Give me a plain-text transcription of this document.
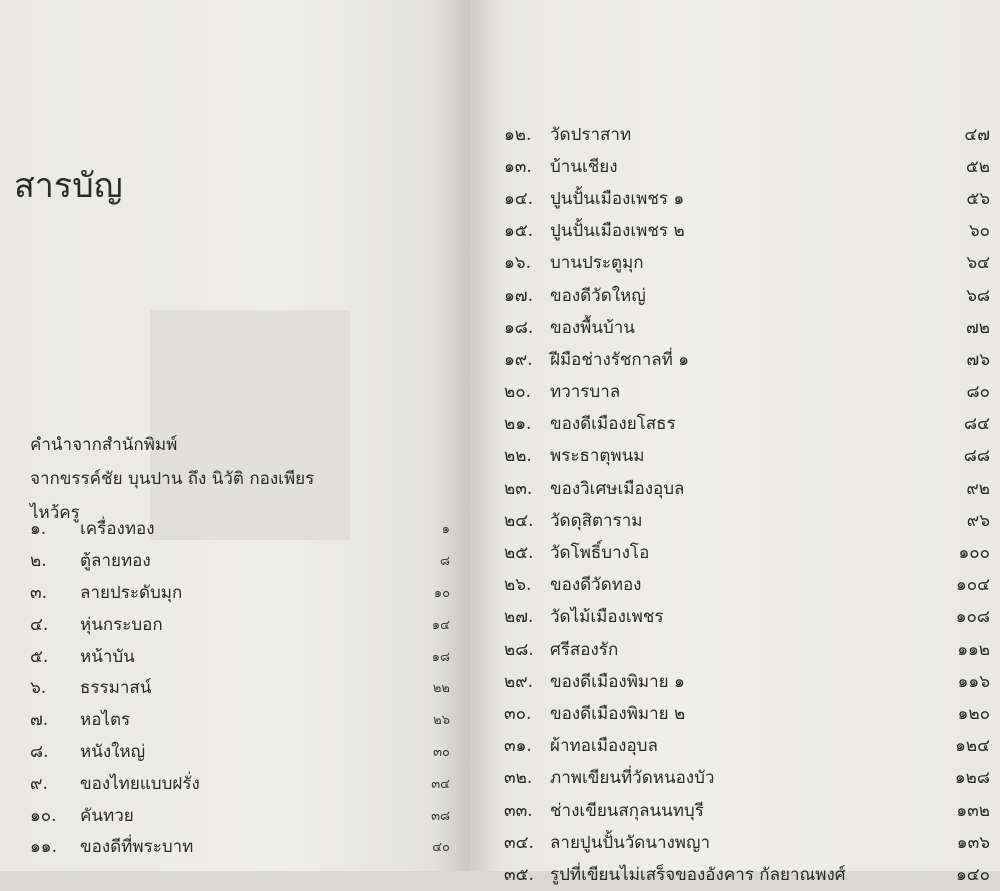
สารบัญ
คำนำจากสำนักพิมพ์
จากขรรค์ชัย บุนปาน ถึง นิวัติ กองเพียร
ไหว้ครู
๑.	เครื่องทอง	๑
๒.	ตู้ลายทอง	๘
๓.	ลายประดับมุก	๑๐
๔.	หุ่นกระบอก	๑๔
๕.	หน้าบัน	๑๘
๖.	ธรรมาสน์	๒๒
๗.	หอไตร	๒๖
๘.	หนังใหญ่	๓๐
๙.	ของไทยแบบฝรั่ง	๓๔
๑๐.	คันทวย	๓๘
๑๑.	ของดีที่พระบาท	๔๐
๑๒.	วัดปราสาท	๔๗
๑๓.	บ้านเชียง	๕๒
๑๔. ปูนปั้นเมืองเพชร ๑	๕๖
๑๕. ปูนปั้นเมืองเพชร ๒	๖๐
๑๖.	บานประตูมุก	๖๔
๑๗.	ของดีวัดใหญ่	๖๘
๑๘. ของพื้นบ้าน	๗๒
๑๙.	ฝีมือช่างรัชกาลที่ ๑	๗๖
๒๐.	ทวารบาล	๘๐
๒๑.	ของดีเมืองยโสธร	๘๔
๒๒.	พระธาตุพนม	๘๘
๒๓.	ของวิเศษเมืองอุบล	๙๒
๒๔. วัดดุสิตาราม	๙๖
๒๕. วัดโพธิ์บางโอ	๑๐๐
๒๖.	ของดีวัดทอง	๑๐๔
๒๗. วัดไม้เมืองเพชร	๑๐๘
๒๘. ศรีสองรัก	๑๑๒
๒๙. ของดีเมืองพิมาย ๑	๑๑๖
๓๐.	ของดีเมืองพิมาย ๒	๑๒๐
๓๑.	ผ้าทอเมืองอุบล	๑๒๔
๓๒.	ภาพเขียนที่วัดหนองบัว	๑๒๘
๓๓.	ช่างเขียนสกุลนนทบุรี	๑๓๒
๓๔. ลายปูนปั้นวัดนางพญา	๑๓๖
๓๕. รูปที่เขียนไม่เสร็จของอังคาร กัลยาณพงศ์	๑๔๐
